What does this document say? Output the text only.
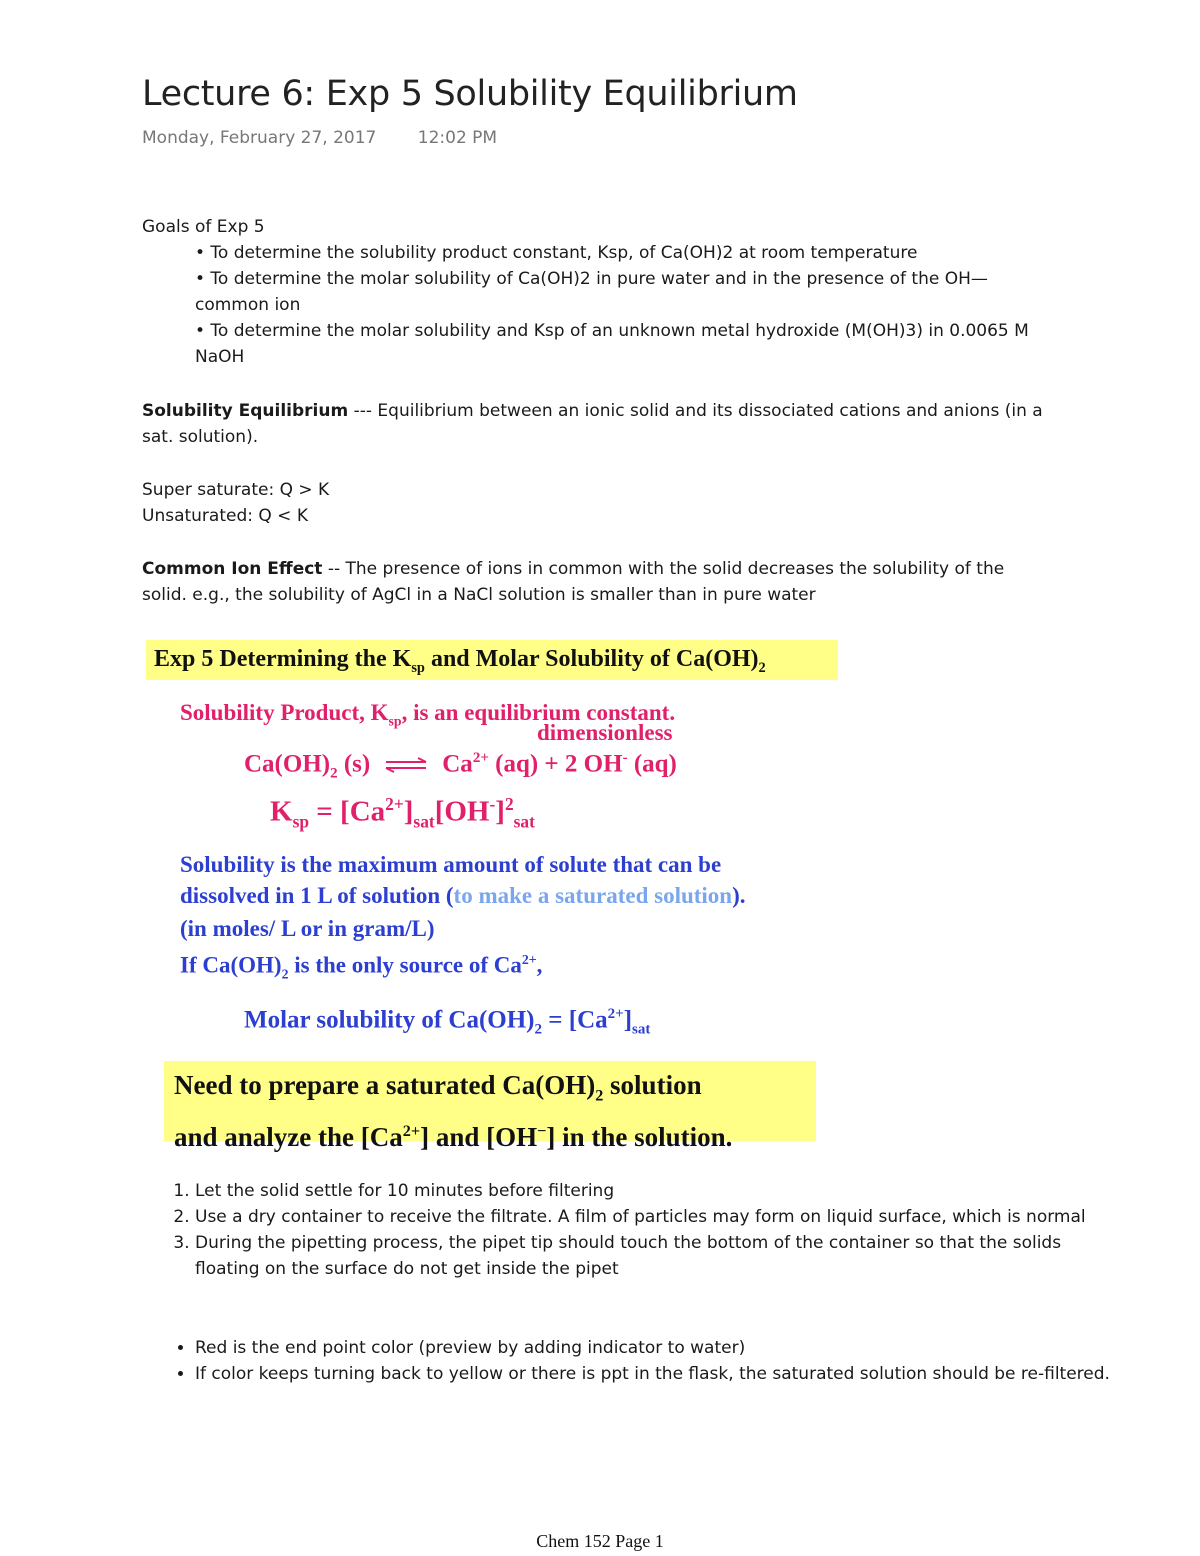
Lecture 6: Exp 5 Solubility Equilibrium
Monday, February 27, 2017 12:02 PM
Goals of Exp 5
• To determine the solubility product constant, Ksp, of Ca(OH)2 at room temperature
• To determine the molar solubility of Ca(OH)2 in pure water and in the presence of the OH— common ion
• To determine the molar solubility and Ksp of an unknown metal hydroxide (M(OH)3) in 0.0065 M NaOH
Solubility Equilibrium --- Equilibrium between an ionic solid and its dissociated cations and anions (in a sat. solution).
Super saturate: Q > K
Unsaturated: Q < K
Common Ion Effect -- The presence of ions in common with the solid decreases the solubility of the solid. e.g., the solubility of AgCl in a NaCl solution is smaller than in pure water
Exp 5 Determining the $K_{sp}$ and Molar Solubility of $Ca(OH)_2$
Solubility Product, $K_{sp}$, is an equilibrium constant.
dimensionless
$Ca(OH)_2$ (s) ⇌ $Ca^{2+}$ (aq) + 2 OH- (aq)
$K_{sp} = [Ca^{2+}]_{sat}[OH^-]^2_{sat}$
Solubility is the maximum amount of solute that can be
dissolved in 1 L of solution (to make a saturated solution).
(in moles/ L or in gram/L)
If $Ca(OH)_2$ is the only source of $Ca^{2+}$,
Molar solubility of $Ca(OH)_2 = [Ca^{2+}]_{sat}$
Need to prepare a saturated $Ca(OH)_2$ solution
and analyze the $[Ca^{2+}]$ and [OH−] in the solution.
1. Let the solid settle for 10 minutes before filtering
2. Use a dry container to receive the filtrate. A film of particles may form on liquid surface, which is normal
3. During the pipetting process, the pipet tip should touch the bottom of the container so that the solids floating on the surface do not get inside the pipet
• Red is the end point color (preview by adding indicator to water)
• If color keeps turning back to yellow or there is ppt in the flask, the saturated solution should be re-filtered.
Chem 152 Page 1
